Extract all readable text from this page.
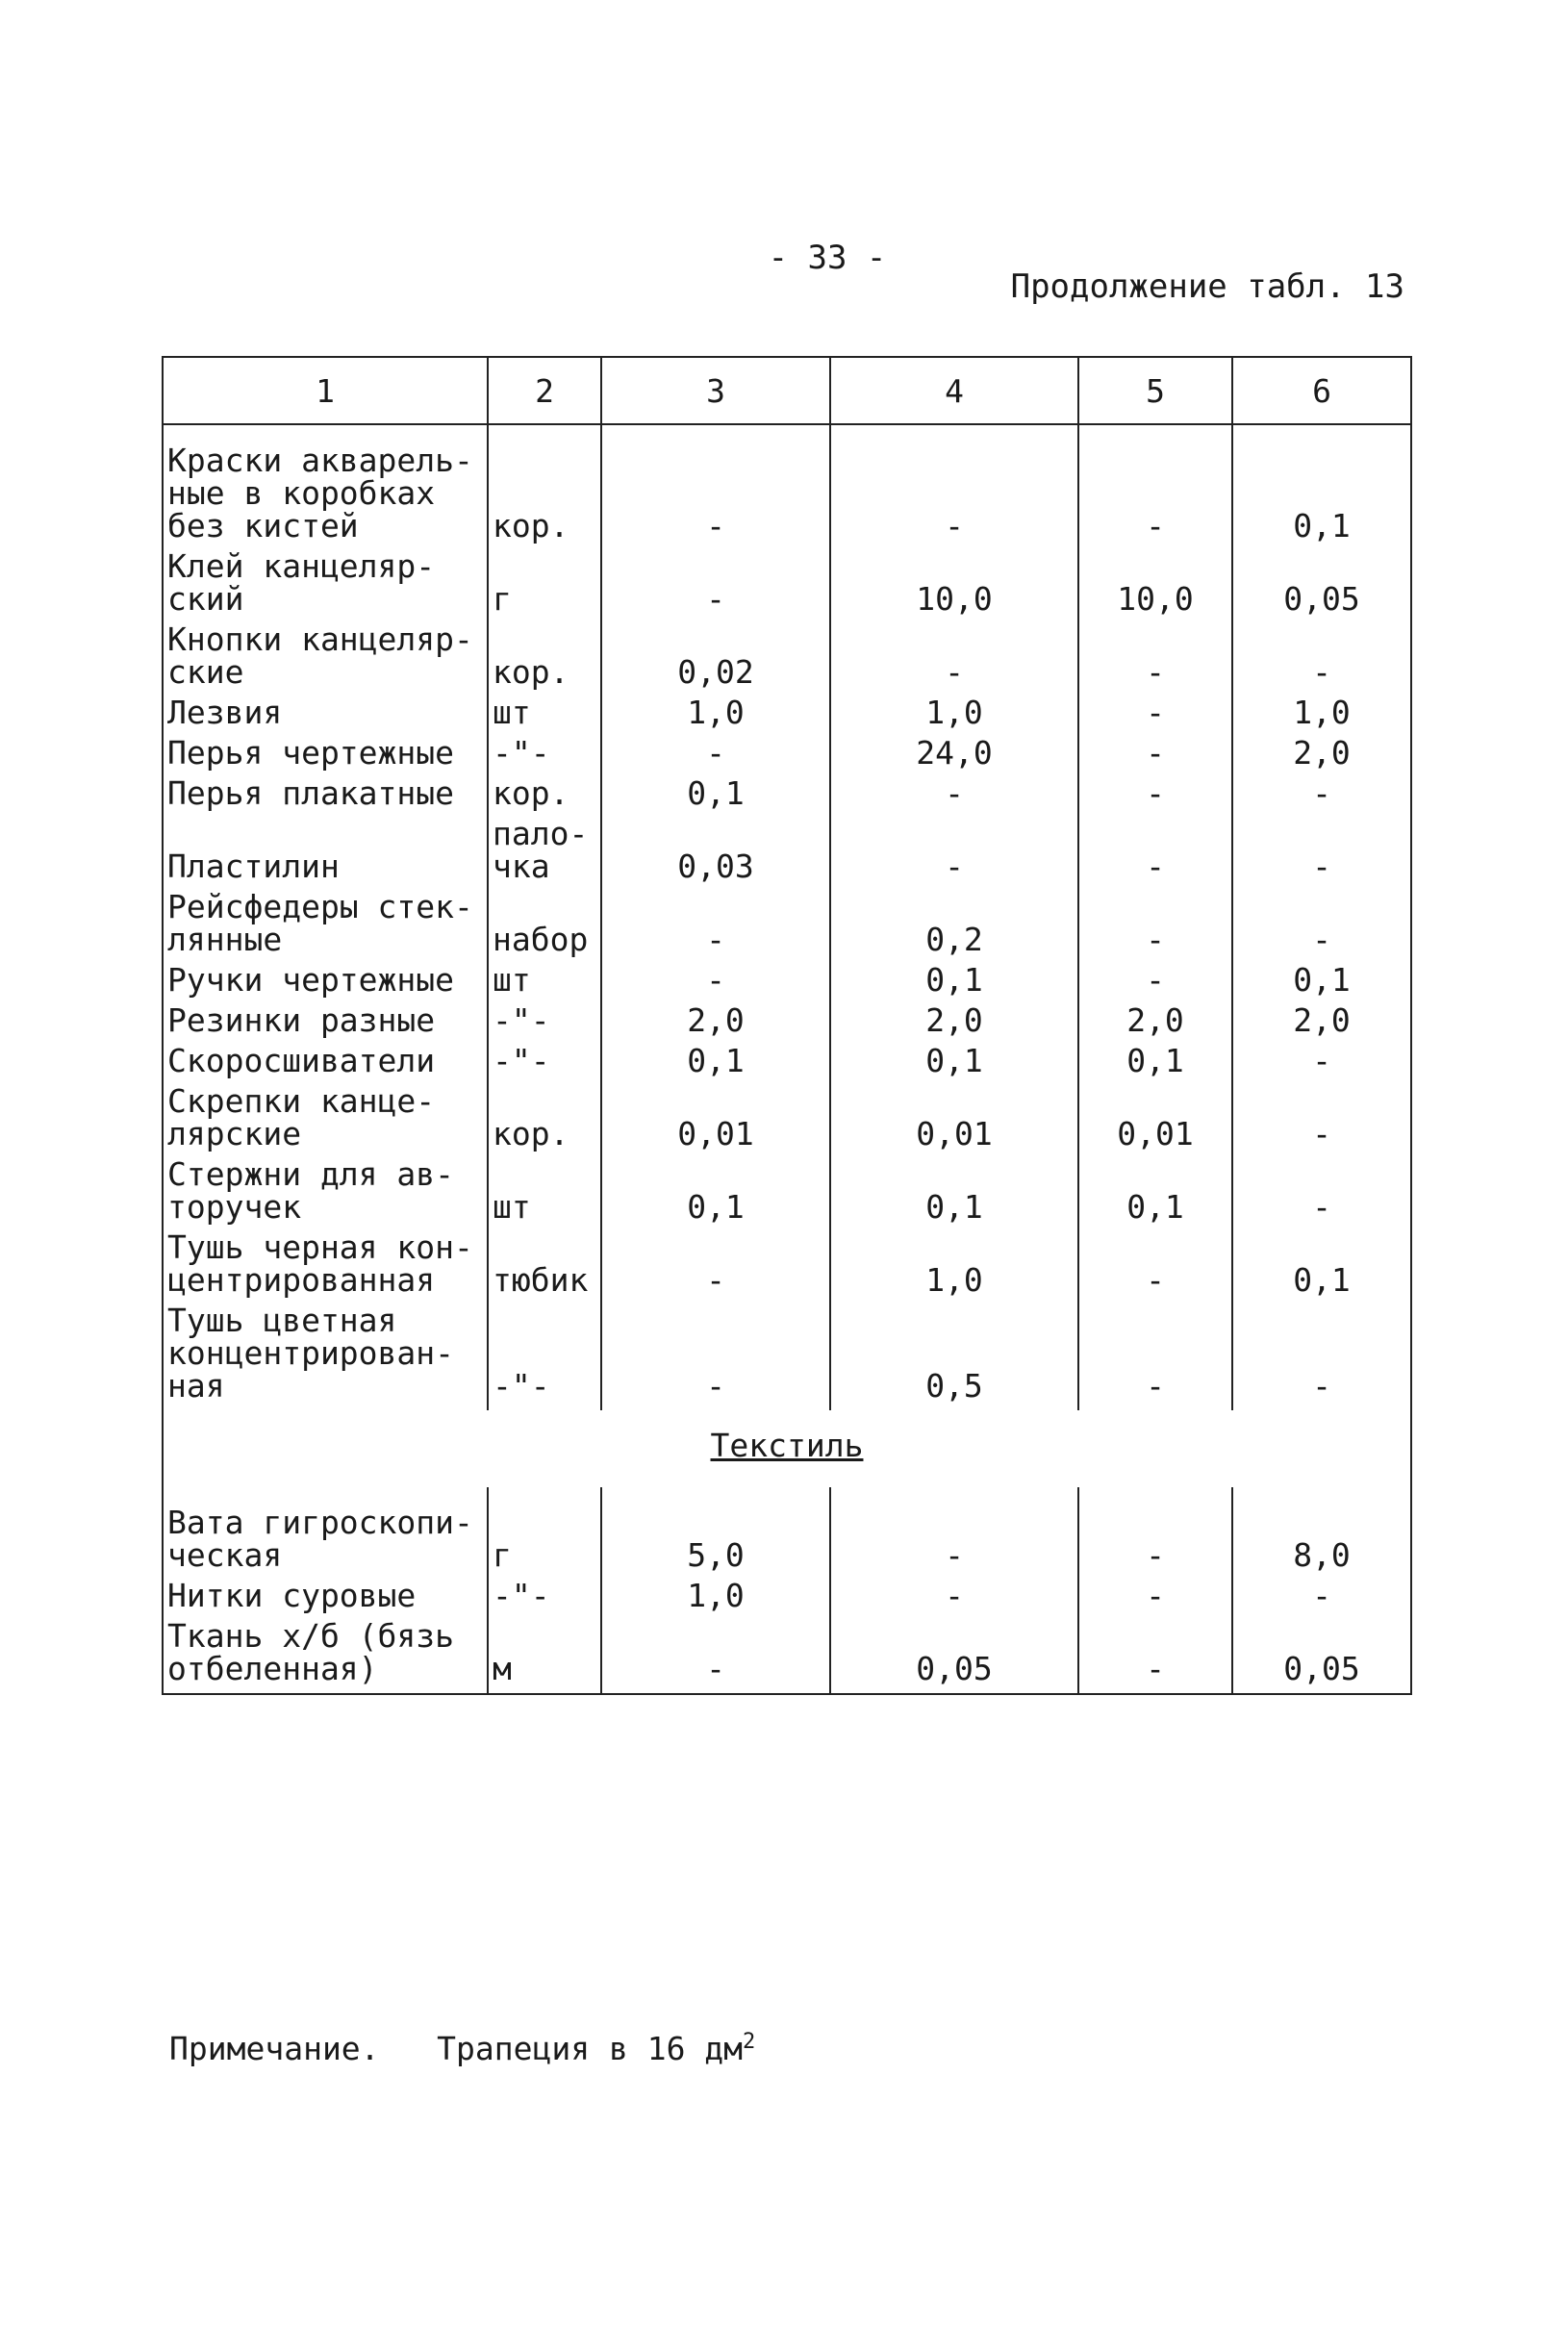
- 33 -
Продолжение табл. 13
1	2	3	4	5	6
Краски акварель-
ные в коробках
без кистей	кор.	-	-	-	0,1
Клей канцеляр-
ский	г	-	10,0	10,0	0,05
Кнопки канцеляр-
ские	кор.	0,02	-	-	-
Лезвия	шт	1,0	1,0	-	1,0
Перья чертежные	-"-	-	24,0	-	2,0
Перья плакатные	кор.	0,1	-	-	-
Пластилин	пало-
чка	0,03	-	-	-
Рейсфедеры стек-
лянные	набор	-	0,2	-	-
Ручки чертежные	шт	-	0,1	-	0,1
Резинки разные	-"-	2,0	2,0	2,0	2,0
Скоросшиватели	-"-	0,1	0,1	0,1	-
Скрепки канце-
лярские	кор.	0,01	0,01	0,01	-
Стержни для ав-
торучек	шт	0,1	0,1	0,1	-
Тушь черная кон-
центрированная	тюбик	-	1,0	-	0,1
Тушь цветная
концентрирован-
ная	-"-	-	0,5	-	-
Текстиль					
Вата гигроскопи-
ческая	г	5,0	-	-	8,0
Нитки суровые	-"-	1,0	-	-	-
Ткань х/б (бязь
отбеленная)	м	-	0,05	-	0,05
Примечание. Трапеция в 16 $дм^2$
